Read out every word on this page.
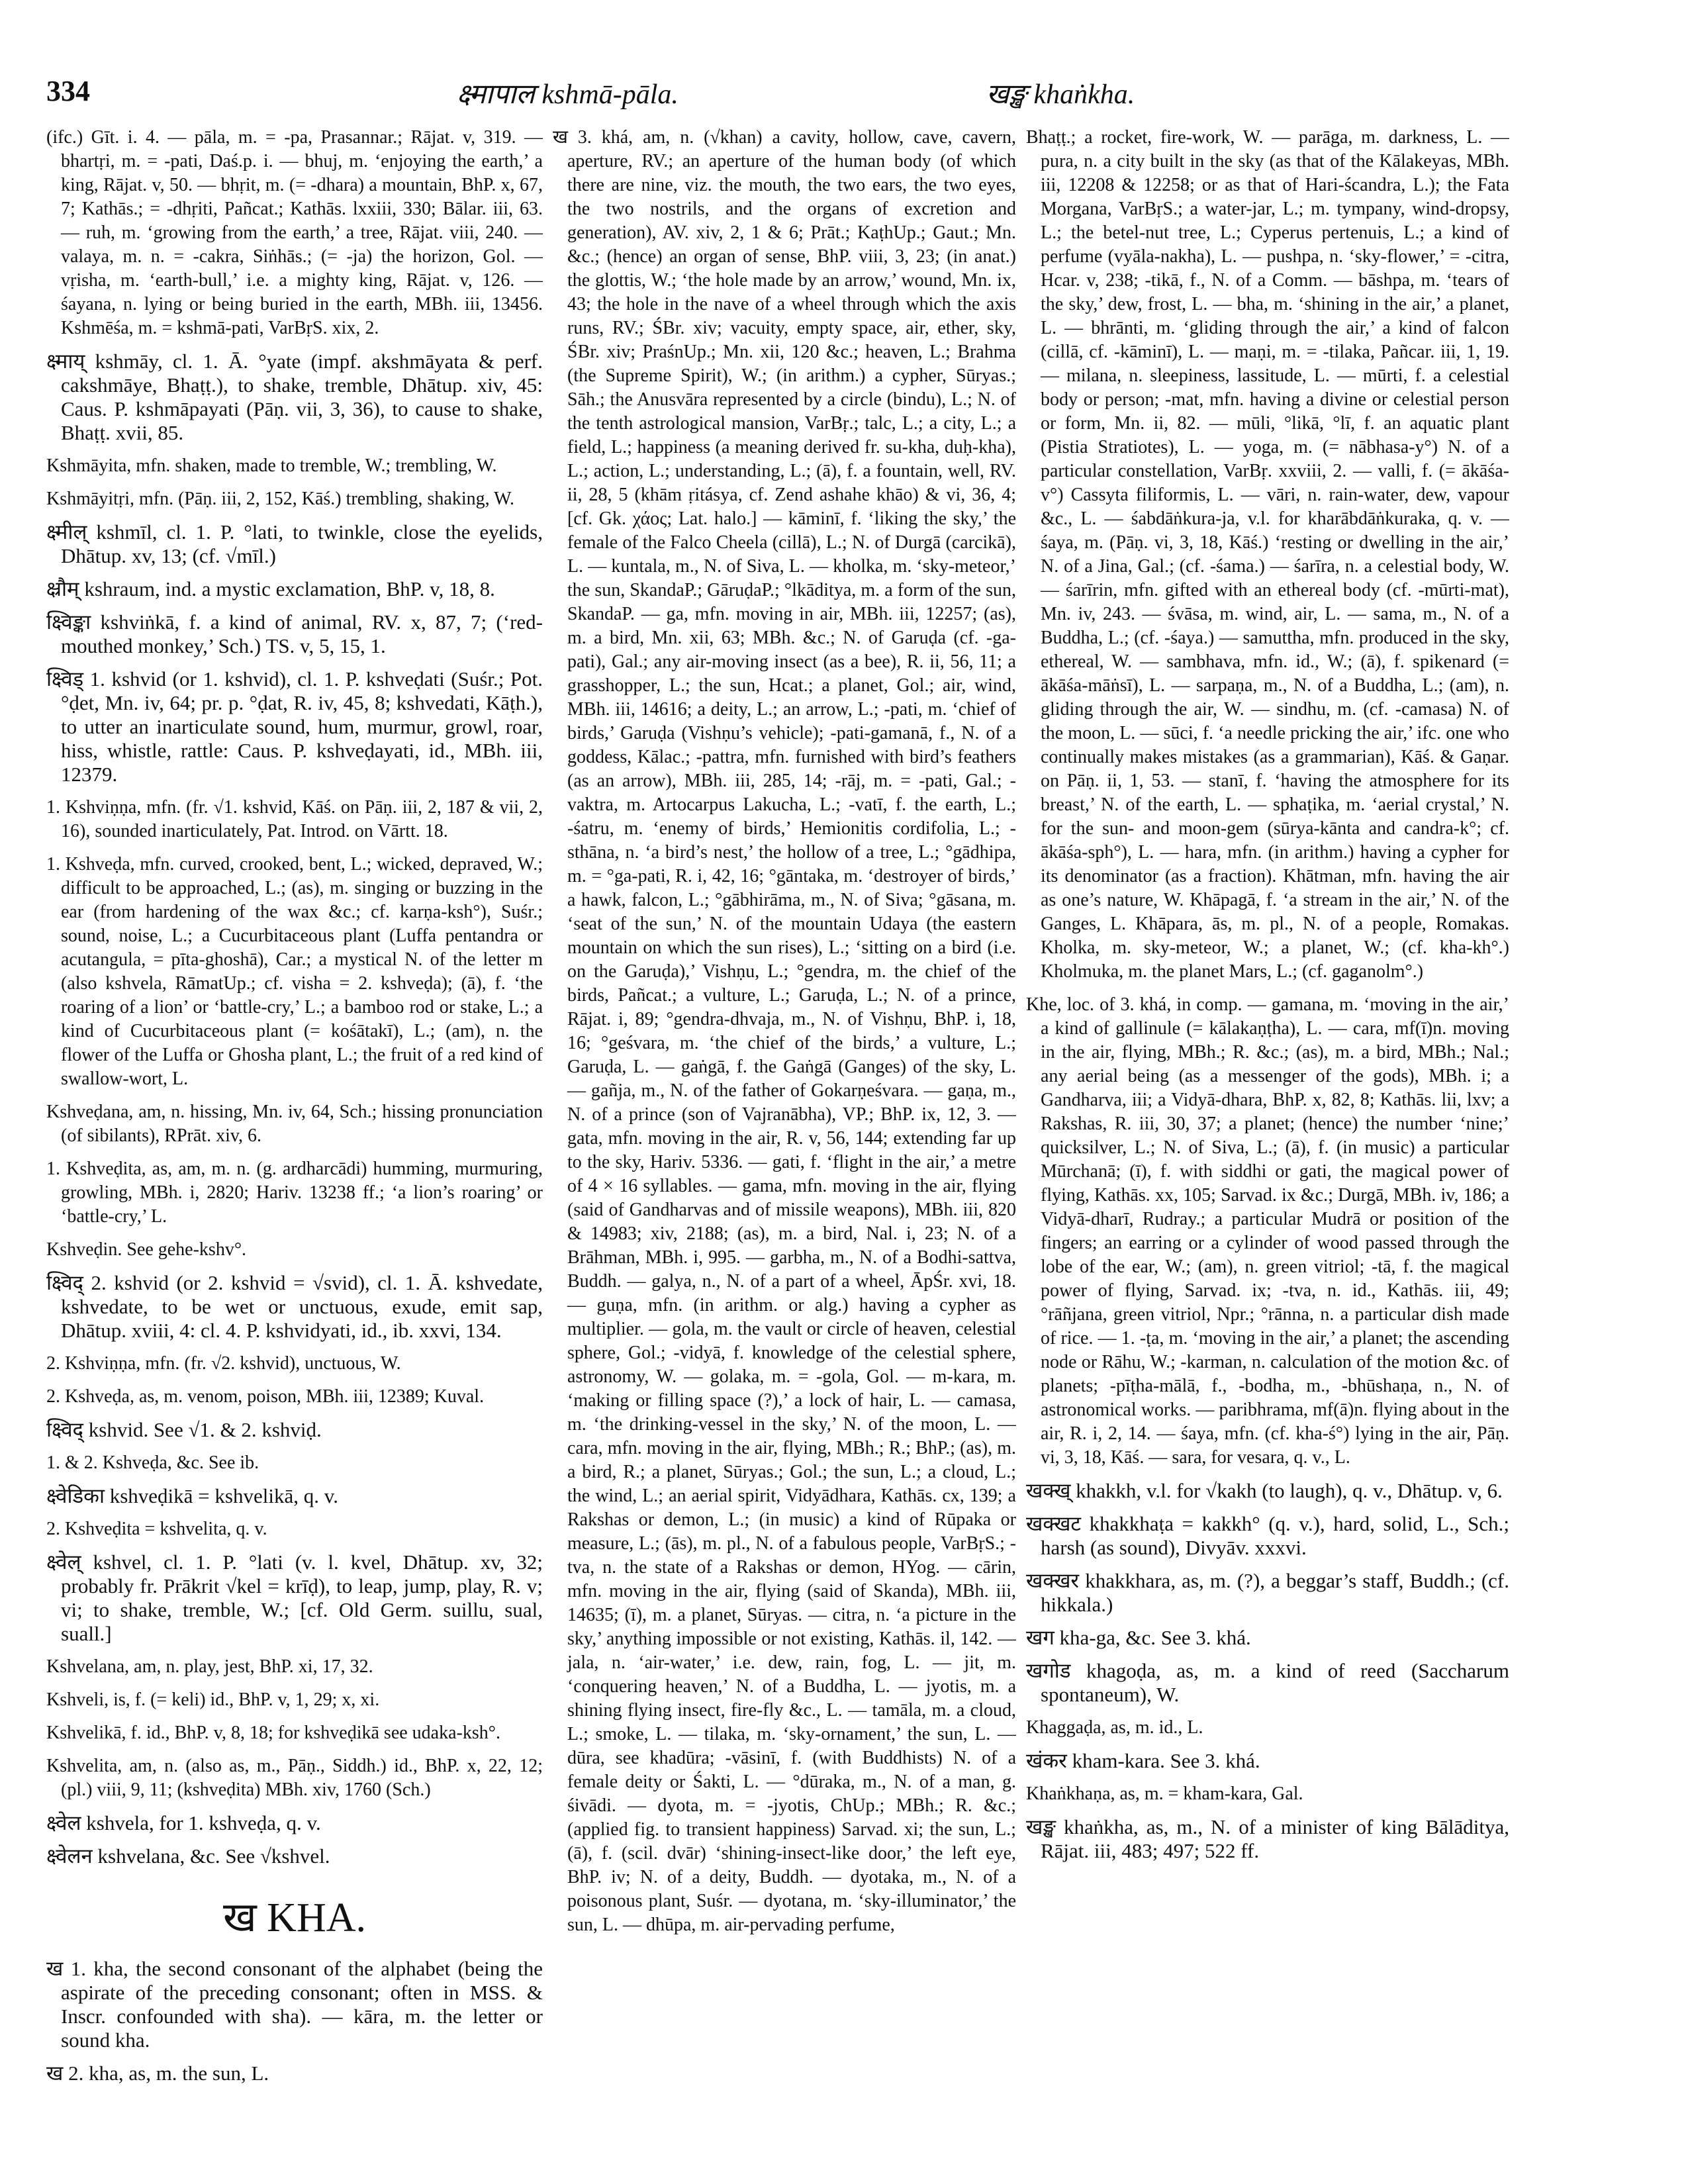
334	क्ष्मापाल kshmā-pāla.	खङ्ख khaṅkha.

(ifc.) Gīt. i. 4. — pāla, m. = -pa, Prasannar.; Rājat. v, 319. — bhartṛi, m. = -pati, Daś.p. i. — bhuj, m. ‘enjoying the earth,’ a king, Rājat. v, 50. — bhṛit, m. (= -dhara) a mountain, BhP. x, 67, 7; Kathās.; = -dhṛiti, Pañcat.; Kathās. lxxiii, 330; Bālar. iii, 63. — ruh, m. ‘growing from the earth,’ a tree, Rājat. viii, 240. — valaya, m. n. = -cakra, Siṅhās.; (= -ja) the horizon, Gol. — vṛisha, m. ‘earth-bull,’ i.e. a mighty king, Rājat. v, 126. — śayana, n. lying or being buried in the earth, MBh. iii, 13456. Kshmēśa, m. = kshmā-pati, VarBṛS. xix, 2.

क्ष्माय् kshmāy, cl. 1. Ā. °yate (impf. akshmāyata & perf. cakshmāye, Bhaṭṭ.), to shake, tremble, Dhātup. xiv, 45: Caus. P. kshmāpayati (Pāṇ. vii, 3, 36), to cause to shake, Bhaṭṭ. xvii, 85.

Kshmāyita, mfn. shaken, made to tremble, W.; trembling, W.

Kshmāyitṛi, mfn. (Pāṇ. iii, 2, 152, Kāś.) trembling, shaking, W.

क्ष्मील् kshmīl, cl. 1. P. °lati, to twinkle, close the eyelids, Dhātup. xv, 13; (cf. √mīl.)

क्ष्रौम् kshraum, ind. a mystic exclamation, BhP. v, 18, 8.

क्ष्विङ्का kshviṅkā, f. a kind of animal, RV. x, 87, 7; (‘red-mouthed monkey,’ Sch.) TS. v, 5, 15, 1.

क्ष्विड् 1. kshvid (or 1. kshvid), cl. 1. P. kshveḍati (Suśr.; Pot. °ḍet, Mn. iv, 64; pr. p. °ḍat, R. iv, 45, 8; kshvedati, Kāṭh.), to utter an inarticulate sound, hum, murmur, growl, roar, hiss, whistle, rattle: Caus. P. kshveḍayati, id., MBh. iii, 12379.

1. Kshviṇṇa, mfn. (fr. √1. kshvid, Kāś. on Pāṇ. iii, 2, 187 & vii, 2, 16), sounded inarticulately, Pat. Introd. on Vārtt. 18.

1. Kshveḍa, mfn. curved, crooked, bent, L.; wicked, depraved, W.; difficult to be approached, L.; (as), m. singing or buzzing in the ear (from hardening of the wax &c.; cf. karṇa-ksh°), Suśr.; sound, noise, L.; a Cucurbitaceous plant (Luffa pentandra or acutangula, = pīta-ghoshā), Car.; a mystical N. of the letter m (also kshvela, RāmatUp.; cf. visha = 2. kshveḍa); (ā), f. ‘the roaring of a lion’ or ‘battle-cry,’ L.; a bamboo rod or stake, L.; a kind of Cucurbitaceous plant (= kośātakī), L.; (am), n. the flower of the Luffa or Ghosha plant, L.; the fruit of a red kind of swallow-wort, L.

Kshveḍana, am, n. hissing, Mn. iv, 64, Sch.; hissing pronunciation (of sibilants), RPrāt. xiv, 6.

1. Kshveḍita, as, am, m. n. (g. ardharcādi) humming, murmuring, growling, MBh. i, 2820; Hariv. 13238 ff.; ‘a lion’s roaring’ or ‘battle-cry,’ L.

Kshveḍin. See gehe-kshv°.

क्ष्विद् 2. kshvid (or 2. kshvid = √svid), cl. 1. Ā. kshvedate, kshvedate, to be wet or unctuous, exude, emit sap, Dhātup. xviii, 4: cl. 4. P. kshvidyati, id., ib. xxvi, 134.

2. Kshviṇṇa, mfn. (fr. √2. kshvid), unctuous, W.

2. Kshveḍa, as, m. venom, poison, MBh. iii, 12389; Kuval.

क्ष्विद् kshvid. See √1. & 2. kshviḍ.

1. & 2. Kshveḍa, &c. See ib.

क्ष्वेडिका kshveḍikā = kshvelikā, q. v.

2. Kshveḍita = kshvelita, q. v.

क्ष्वेल् kshvel, cl. 1. P. °lati (v. l. kvel, Dhātup. xv, 32; probably fr. Prākrit √kel = krīḍ), to leap, jump, play, R. v; vi; to shake, tremble, W.; [cf. Old Germ. suillu, sual, suall.]

Kshvelana, am, n. play, jest, BhP. xi, 17, 32.

Kshveli, is, f. (= keli) id., BhP. v, 1, 29; x, xi.

Kshvelikā, f. id., BhP. v, 8, 18; for kshveḍikā see udaka-ksh°.

Kshvelita, am, n. (also as, m., Pāṇ., Siddh.) id., BhP. x, 22, 12; (pl.) viii, 9, 11; (kshveḍita) MBh. xiv, 1760 (Sch.)

क्ष्वेल kshvela, for 1. kshveḍa, q. v.

क्ष्वेलन kshvelana, &c. See √kshvel.

ख KHA.

ख 1. kha, the second consonant of the alphabet (being the aspirate of the preceding consonant; often in MSS. & Inscr. confounded with sha). — kāra, m. the letter or sound kha.

ख 2. kha, as, m. the sun, L.

ख 3. khá, am, n. (√khan) a cavity, hollow, cave, cavern, aperture, RV.; an aperture of the human body (of which there are nine, viz. the mouth, the two ears, the two eyes, the two nostrils, and the organs of excretion and generation), AV. xiv, 2, 1 & 6; Prāt.; KaṭhUp.; Gaut.; Mn. &c.; (hence) an organ of sense, BhP. viii, 3, 23; (in anat.) the glottis, W.; ‘the hole made by an arrow,’ wound, Mn. ix, 43; the hole in the nave of a wheel through which the axis runs, RV.; ŚBr. xiv; vacuity, empty space, air, ether, sky, ŚBr. xiv; PraśnUp.; Mn. xii, 120 &c.; heaven, L.; Brahma (the Supreme Spirit), W.; (in arithm.) a cypher, Sūryas.; Sāh.; the Anusvāra represented by a circle (bindu), L.; N. of the tenth astrological mansion, VarBṛ.; talc, L.; a city, L.; a field, L.; happiness (a meaning derived fr. su-kha, duḥ-kha), L.; action, L.; understanding, L.; (ā), f. a fountain, well, RV. ii, 28, 5 (khām ṛitásya, cf. Zend ashahe khāo) & vi, 36, 4; [cf. Gk. χάος; Lat. halo.] — kāminī, f. ‘liking the sky,’ the female of the Falco Cheela (cillā), L.; N. of Durgā (carcikā), L. — kuntala, m., N. of Siva, L. — kholka, m. ‘sky-meteor,’ the sun, SkandaP.; GāruḍaP.; °lkāditya, m. a form of the sun, SkandaP. — ga, mfn. moving in air, MBh. iii, 12257; (as), m. a bird, Mn. xii, 63; MBh. &c.; N. of Garuḍa (cf. -ga-pati), Gal.; any air-moving insect (as a bee), R. ii, 56, 11; a grasshopper, L.; the sun, Hcat.; a planet, Gol.; air, wind, MBh. iii, 14616; a deity, L.; an arrow, L.; -pati, m. ‘chief of birds,’ Garuḍa (Vishṇu’s vehicle); -pati-gamanā, f., N. of a goddess, Kālac.; -pattra, mfn. furnished with bird’s feathers (as an arrow), MBh. iii, 285, 14; -rāj, m. = -pati, Gal.; -vaktra, m. Artocarpus Lakucha, L.; -vatī, f. the earth, L.; -śatru, m. ‘enemy of birds,’ Hemionitis cordifolia, L.; -sthāna, n. ‘a bird’s nest,’ the hollow of a tree, L.; °gādhipa, m. = °ga-pati, R. i, 42, 16; °gāntaka, m. ‘destroyer of birds,’ a hawk, falcon, L.; °gābhirāma, m., N. of Siva; °gāsana, m. ‘seat of the sun,’ N. of the mountain Udaya (the eastern mountain on which the sun rises), L.; ‘sitting on a bird (i.e. on the Garuḍa),’ Vishṇu, L.; °gendra, m. the chief of the birds, Pañcat.; a vulture, L.; Garuḍa, L.; N. of a prince, Rājat. i, 89; °gendra-dhvaja, m., N. of Vishṇu, BhP. i, 18, 16; °geśvara, m. ‘the chief of the birds,’ a vulture, L.; Garuḍa, L. — gaṅgā, f. the Gaṅgā (Ganges) of the sky, L. — gañja, m., N. of the father of Gokarṇeśvara. — gaṇa, m., N. of a prince (son of Vajranābha), VP.; BhP. ix, 12, 3. — gata, mfn. moving in the air, R. v, 56, 144; extending far up to the sky, Hariv. 5336. — gati, f. ‘flight in the air,’ a metre of 4 × 16 syllables. — gama, mfn. moving in the air, flying (said of Gandharvas and of missile weapons), MBh. iii, 820 & 14983; xiv, 2188; (as), m. a bird, Nal. i, 23; N. of a Brāhman, MBh. i, 995. — garbha, m., N. of a Bodhi-sattva, Buddh. — galya, n., N. of a part of a wheel, ĀpŚr. xvi, 18. — guṇa, mfn. (in arithm. or alg.) having a cypher as multiplier. — gola, m. the vault or circle of heaven, celestial sphere, Gol.; -vidyā, f. knowledge of the celestial sphere, astronomy, W. — golaka, m. = -gola, Gol. — m-kara, m. ‘making or filling space (?),’ a lock of hair, L. — camasa, m. ‘the drinking-vessel in the sky,’ N. of the moon, L. — cara, mfn. moving in the air, flying, MBh.; R.; BhP.; (as), m. a bird, R.; a planet, Sūryas.; Gol.; the sun, L.; a cloud, L.; the wind, L.; an aerial spirit, Vidyādhara, Kathās. cx, 139; a Rakshas or demon, L.; (in music) a kind of Rūpaka or measure, L.; (ās), m. pl., N. of a fabulous people, VarBṛS.; -tva, n. the state of a Rakshas or demon, HYog. — cārin, mfn. moving in the air, flying (said of Skanda), MBh. iii, 14635; (ī), m. a planet, Sūryas. — citra, n. ‘a picture in the sky,’ anything impossible or not existing, Kathās. il, 142. — jala, n. ‘air-water,’ i.e. dew, rain, fog, L. — jit, m. ‘conquering heaven,’ N. of a Buddha, L. — jyotis, m. a shining flying insect, fire-fly &c., L. — tamāla, m. a cloud, L.; smoke, L. — tilaka, m. ‘sky-ornament,’ the sun, L. — dūra, see khadūra; -vāsinī, f. (with Buddhists) N. of a female deity or Śakti, L. — °dūraka, m., N. of a man, g. śivādi. — dyota, m. = -jyotis, ChUp.; MBh.; R. &c.; (applied fig. to transient happiness) Sarvad. xi; the sun, L.; (ā), f. (scil. dvār) ‘shining-insect-like door,’ the left eye, BhP. iv; N. of a deity, Buddh. — dyotaka, m., N. of a poisonous plant, Suśr. — dyotana, m. ‘sky-illuminator,’ the sun, L. — dhūpa, m. air-pervading perfume,

Bhaṭṭ.; a rocket, fire-work, W. — parāga, m. darkness, L. — pura, n. a city built in the sky (as that of the Kālakeyas, MBh. iii, 12208 & 12258; or as that of Hari-ścandra, L.); the Fata Morgana, VarBṛS.; a water-jar, L.; m. tympany, wind-dropsy, L.; the betel-nut tree, L.; Cyperus pertenuis, L.; a kind of perfume (vyāla-nakha), L. — pushpa, n. ‘sky-flower,’ = -citra, Hcar. v, 238; -tikā, f., N. of a Comm. — bāshpa, m. ‘tears of the sky,’ dew, frost, L. — bha, m. ‘shining in the air,’ a planet, L. — bhrānti, m. ‘gliding through the air,’ a kind of falcon (cillā, cf. -kāminī), L. — maṇi, m. = -tilaka, Pañcar. iii, 1, 19. — milana, n. sleepiness, lassitude, L. — mūrti, f. a celestial body or person; -mat, mfn. having a divine or celestial person or form, Mn. ii, 82. — mūli, °likā, °lī, f. an aquatic plant (Pistia Stratiotes), L. — yoga, m. (= nābhasa-y°) N. of a particular constellation, VarBṛ. xxviii, 2. — valli, f. (= ākāśa-v°) Cassyta filiformis, L. — vāri, n. rain-water, dew, vapour &c., L. — śabdāṅkura-ja, v.l. for kharābdāṅkuraka, q. v. — śaya, m. (Pāṇ. vi, 3, 18, Kāś.) ‘resting or dwelling in the air,’ N. of a Jina, Gal.; (cf. -śama.) — śarīra, n. a celestial body, W. — śarīrin, mfn. gifted with an ethereal body (cf. -mūrti-mat), Mn. iv, 243. — śvāsa, m. wind, air, L. — sama, m., N. of a Buddha, L.; (cf. -śaya.) — samuttha, mfn. produced in the sky, ethereal, W. — sambhava, mfn. id., W.; (ā), f. spikenard (= ākāśa-māṅsī), L. — sarpaṇa, m., N. of a Buddha, L.; (am), n. gliding through the air, W. — sindhu, m. (cf. -camasa) N. of the moon, L. — sūci, f. ‘a needle pricking the air,’ ifc. one who continually makes mistakes (as a grammarian), Kāś. & Gaṇar. on Pāṇ. ii, 1, 53. — stanī, f. ‘having the atmosphere for its breast,’ N. of the earth, L. — sphaṭika, m. ‘aerial crystal,’ N. for the sun- and moon-gem (sūrya-kānta and candra-k°; cf. ākāśa-sph°), L. — hara, mfn. (in arithm.) having a cypher for its denominator (as a fraction). Khātman, mfn. having the air as one’s nature, W. Khāpagā, f. ‘a stream in the air,’ N. of the Ganges, L. Khāpara, ās, m. pl., N. of a people, Romakas. Kholka, m. sky-meteor, W.; a planet, W.; (cf. kha-kh°.) Kholmuka, m. the planet Mars, L.; (cf. gaganolm°.)

Khe, loc. of 3. khá, in comp. — gamana, m. ‘moving in the air,’ a kind of gallinule (= kālakaṇṭha), L. — cara, mf(ī)n. moving in the air, flying, MBh.; R. &c.; (as), m. a bird, MBh.; Nal.; any aerial being (as a messenger of the gods), MBh. i; a Gandharva, iii; a Vidyā-dhara, BhP. x, 82, 8; Kathās. lii, lxv; a Rakshas, R. iii, 30, 37; a planet; (hence) the number ‘nine;’ quicksilver, L.; N. of Siva, L.; (ā), f. (in music) a particular Mūrchanā; (ī), f. with siddhi or gati, the magical power of flying, Kathās. xx, 105; Sarvad. ix &c.; Durgā, MBh. iv, 186; a Vidyā-dharī, Rudray.; a particular Mudrā or position of the fingers; an earring or a cylinder of wood passed through the lobe of the ear, W.; (am), n. green vitriol; -tā, f. the magical power of flying, Sarvad. ix; -tva, n. id., Kathās. iii, 49; °rāñjana, green vitriol, Npr.; °rānna, n. a particular dish made of rice. — 1. -ṭa, m. ‘moving in the air,’ a planet; the ascending node or Rāhu, W.; -karman, n. calculation of the motion &c. of planets; -pīṭha-mālā, f., -bodha, m., -bhūshaṇa, n., N. of astronomical works. — paribhrama, mf(ā)n. flying about in the air, R. i, 2, 14. — śaya, mfn. (cf. kha-ś°) lying in the air, Pāṇ. vi, 3, 18, Kāś. — sara, for vesara, q. v., L.

खक्ख् khakkh, v.l. for √kakh (to laugh), q. v., Dhātup. v, 6.

खक्खट khakkhaṭa = kakkh° (q. v.), hard, solid, L., Sch.; harsh (as sound), Divyāv. xxxvi.

खक्खर khakkhara, as, m. (?), a beggar’s staff, Buddh.; (cf. hikkala.)

खग kha-ga, &c. See 3. khá.

खगोड khagoḍa, as, m. a kind of reed (Saccharum spontaneum), W.

Khaggaḍa, as, m. id., L.

खंकर kham-kara. See 3. khá.

Khaṅkhaṇa, as, m. = kham-kara, Gal.

खङ्ख khaṅkha, as, m., N. of a minister of king Bālāditya, Rājat. iii, 483; 497; 522 ff.
